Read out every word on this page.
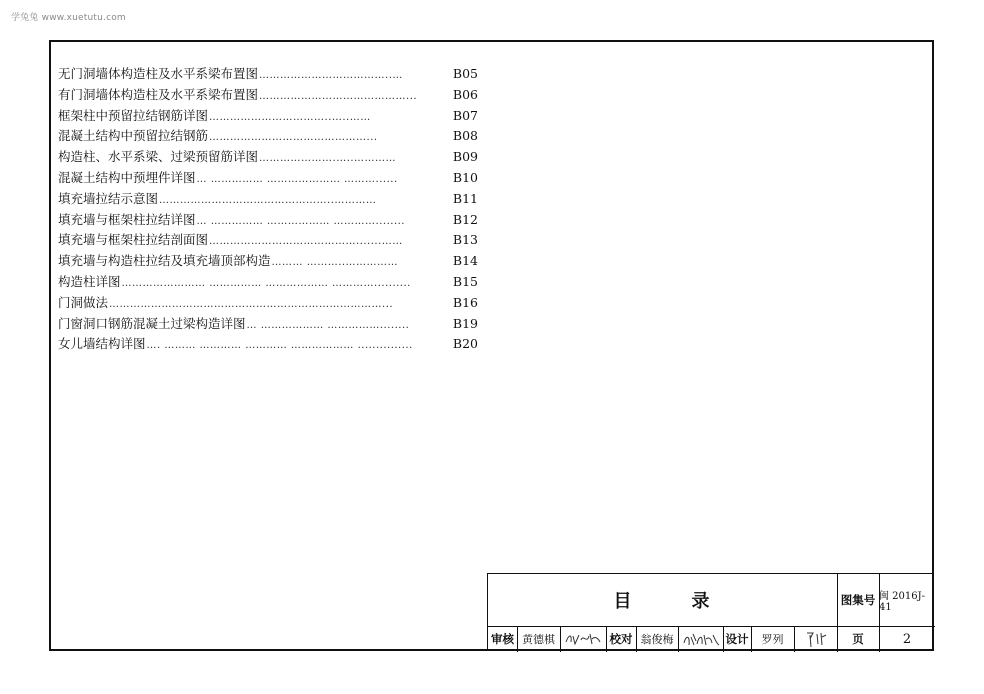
学兔兔 www.xuetutu.com
无门洞墙体构造柱及水平系梁布置图 ………………………………..…	B05
有门洞墙体构造柱及水平系梁布置图 ……………………………………...	B06
框架柱中预留拉结钢筋详图 ……………………………..…..……	B07
混凝土结构中预留拉结钢筋 ………………………………………...	B08
构造柱、水平系梁、过梁预留筋详图 ………………….…..…………	B09
混凝土结构中预埋件详图 … …………… ………………… ………......	B10
填充墙拉结示意图 …………………………………………..…………	B11
填充墙与框架柱拉结详图 … …………… ……………… …………........	B12
填充墙与框架柱拉结剖面图 …………………………………….......……	B13
填充墙与构造柱拉结及填充墙顶部构造 ……… ………..……………	B14
构造柱详图 …………………… …………… ……………… …………..........	B15
门洞做法 ……………………………………………………………………...	B16
门窗洞口钢筋混凝土过梁构造详图 … ……………… ……………........	B19
女儿墙结构详图 …. ……… ………… ………… ……………… ...............	B20
目	录	图集号 闽 2016J-41
审核 黄德棋	校对 翁俊梅	设计	罗列	页	2
